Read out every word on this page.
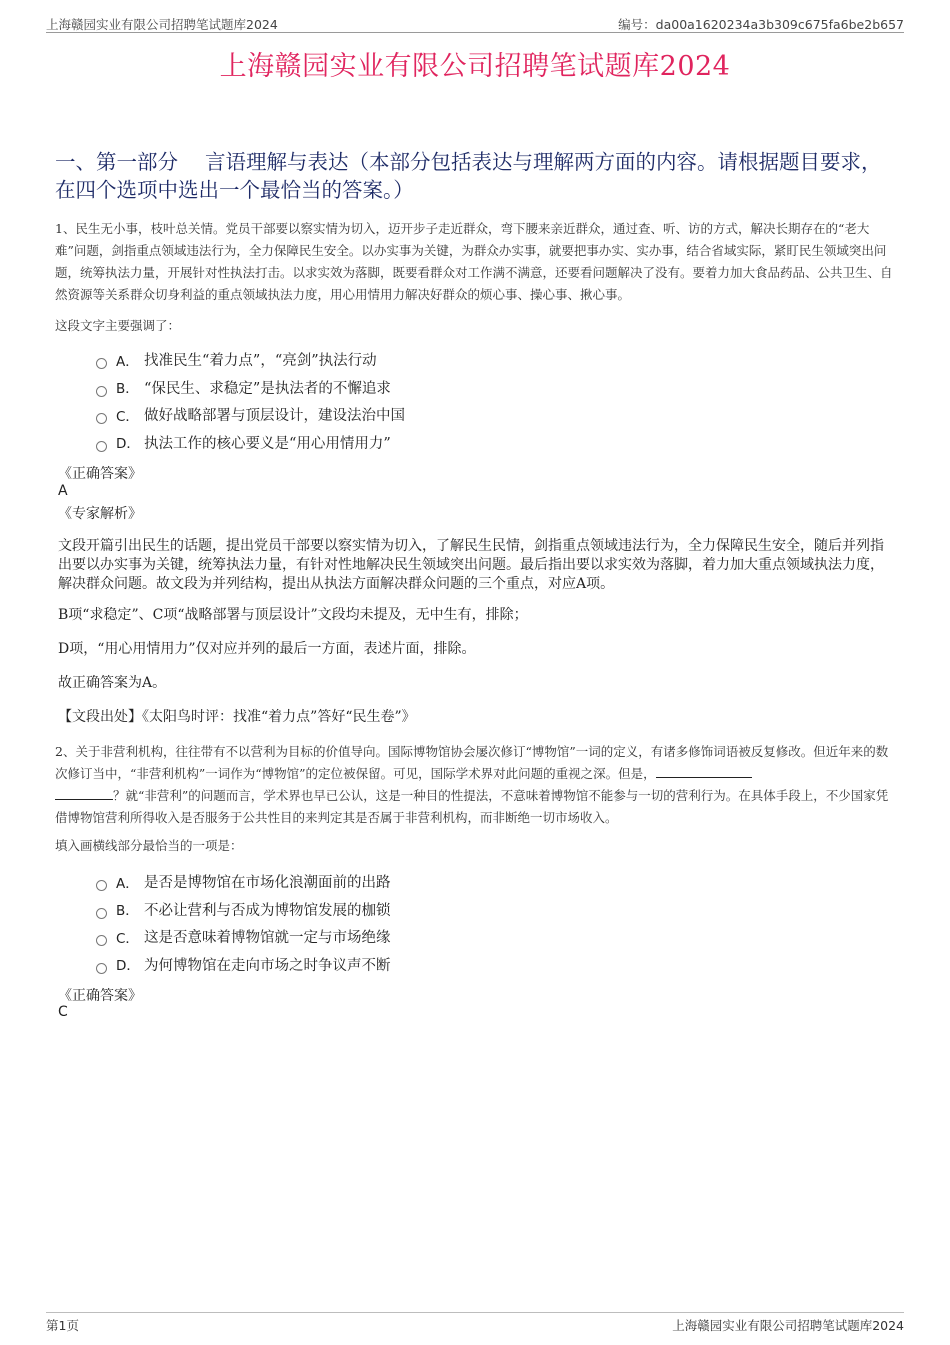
上海赣园实业有限公司招聘笔试题库2024	编号：da00a1620234a3b309c675fa6be2b657
上海赣园实业有限公司招聘笔试题库2024
一、第一部分　 言语理解与表达（本部分包括表达与理解两方面的内容。请根据题目要求，在四个选项中选出一个最恰当的答案。）
1、民生无小事，枝叶总关情。党员干部要以察实情为切入，迈开步子走近群众，弯下腰来亲近群众，通过查、听、访的方式，解决长期存在的“老大难”问题，剑指重点领域违法行为，全力保障民生安全。以办实事为关键，为群众办实事，就要把事办实、实办事，结合省域实际，紧盯民生领域突出问题，统筹执法力量，开展针对性执法打击。以求实效为落脚，既要看群众对工作满不满意，还要看问题解决了没有。要着力加大食品药品、公共卫生、自然资源等关系群众切身利益的重点领域执法力度，用心用情用力解决好群众的烦心事、操心事、揪心事。
这段文字主要强调了：
A． 找准民生“着力点”，“亮剑”执法行动
B． “保民生、求稳定”是执法者的不懈追求
C． 做好战略部署与顶层设计，建设法治中国
D． 执法工作的核心要义是“用心用情用力”
《正确答案》
A
《专家解析》
文段开篇引出民生的话题，提出党员干部要以察实情为切入，了解民生民情，剑指重点领域违法行为，全力保障民生安全，随后并列指出要以办实事为关键，统筹执法力量，有针对性地解决民生领域突出问题。最后指出要以求实效为落脚，着力加大重点领域执法力度，解决群众问题。故文段为并列结构，提出从执法方面解决群众问题的三个重点，对应A项。
B项“求稳定”、C项“战略部署与顶层设计”文段均未提及，无中生有，排除；
D项，“用心用情用力”仅对应并列的最后一方面，表述片面，排除。
故正确答案为A。
【文段出处】《太阳鸟时评：找准“着力点”答好“民生卷”》
2、关于非营利机构，往往带有不以营利为目标的价值导向。国际博物馆协会屡次修订“博物馆”一词的定义，有诸多修饰词语被反复修改。但近年来的数次修订当中，“非营利机构”一词作为“博物馆”的定位被保留。可见，国际学术界对此问题的重视之深。但是，
？就“非营利”的问题而言，学术界也早已公认，这是一种目的性提法，不意味着博物馆不能参与一切的营利行为。在具体手段上，不少国家凭借博物馆营利所得收入是否服务于公共性目的来判定其是否属于非营利机构，而非断绝一切市场收入。
填入画横线部分最恰当的一项是：
A． 是否是博物馆在市场化浪潮面前的出路
B． 不必让营利与否成为博物馆发展的枷锁
C． 这是否意味着博物馆就一定与市场绝缘
D． 为何博物馆在走向市场之时争议声不断
《正确答案》
C
第1页	上海赣园实业有限公司招聘笔试题库2024
